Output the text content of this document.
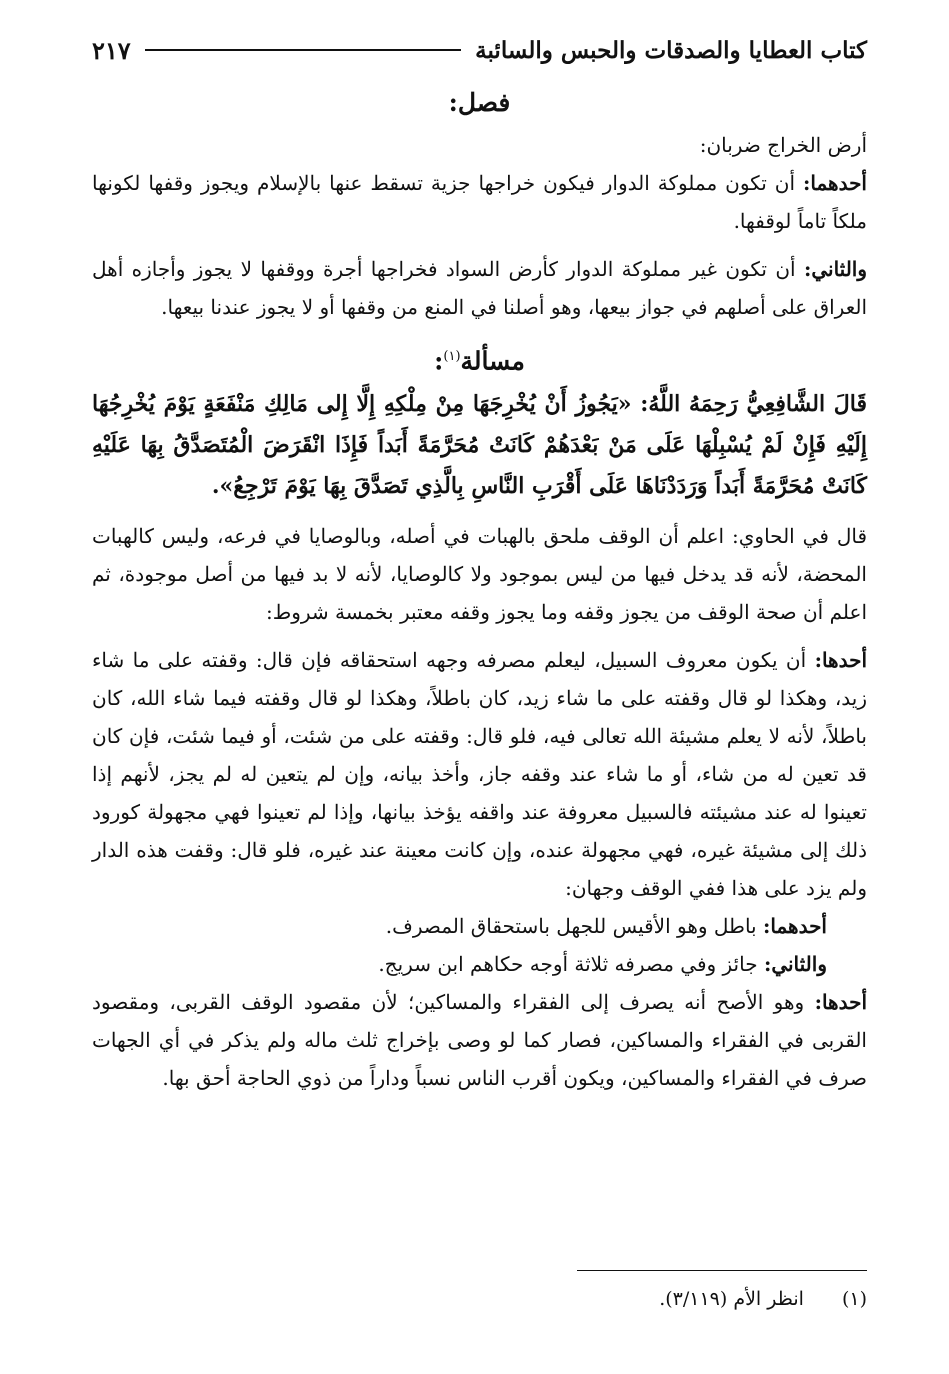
كتاب العطايا والصدقات والحبس والسائبة
٢١٧

فصل:

أرض الخراج ضربان:

أحدهما: أن تكون مملوكة الدوار فيكون خراجها جزية تسقط عنها بالإسلام ويجوز وقفها لكونها ملكاً تاماً لوقفها.

والثاني: أن تكون غير مملوكة الدوار كأرض السواد فخراجها أجرة ووقفها لا يجوز وأجازه أهل العراق على أصلهم في جواز بيعها، وهو أصلنا في المنع من وقفها أو لا يجوز عندنا بيعها.

مسألة$^{(١)}$:

قَالَ الشَّافِعِيُّ رَحِمَهُ اللَّهُ: «يَجُوزُ أَنْ يُخْرِجَهَا مِنْ مِلْكِهِ إِلَّا إِلى مَالِكِ مَنْفَعَةٍ يَوْمَ يُخْرِجُهَا إِلَيْهِ فَإِنْ لَمْ يُسْبِلْهَا عَلَى مَنْ بَعْدَهُمْ كَانَتْ مُحَرَّمَةً أَبَداً فَإِذَا انْقَرَضَ الْمُتَصَدَّقُ بِهَا عَلَيْهِ كَانَتْ مُحَرَّمَةً أَبَداً وَرَدَدْنَاهَا عَلَى أَقْرَبِ النَّاسِ بِالَّذِي تَصَدَّقَ بِهَا يَوْمَ تَرْجِعُ».

قال في الحاوي: اعلم أن الوقف ملحق بالهبات في أصله، وبالوصايا في فرعه، وليس كالهبات المحضة، لأنه قد يدخل فيها من ليس بموجود ولا كالوصايا، لأنه لا بد فيها من أصل موجودة، ثم اعلم أن صحة الوقف من يجوز وقفه وما يجوز وقفه معتبر بخمسة شروط:

أحدها: أن يكون معروف السبيل، ليعلم مصرفه وجهه استحقاقه فإن قال: وقفته على ما شاء زيد، وهكذا لو قال وقفته على ما شاء زيد، كان باطلاً، وهكذا لو قال وقفته فيما شاء الله، كان باطلاً، لأنه لا يعلم مشيئة الله تعالى فيه، فلو قال: وقفته على من شئت، أو فيما شئت، فإن كان قد تعين له من شاء، أو ما شاء عند وقفه جاز، وأخذ بيانه، وإن لم يتعين له لم يجز، لأنهم إذا تعينوا له عند مشيئته فالسبيل معروفة عند واقفه يؤخذ بيانها، وإذا لم تعينوا فهي مجهولة كورود ذلك إلى مشيئة غيره، فهي مجهولة عنده، وإن كانت معينة عند غيره، فلو قال: وقفت هذه الدار ولم يزد على هذا ففي الوقف وجهان:

أحدهما: باطل وهو الأقيس للجهل باستحقاق المصرف.

والثاني: جائز وفي مصرفه ثلاثة أوجه حكاهم ابن سريج.

أحدها: وهو الأصح أنه يصرف إلى الفقراء والمساكين؛ لأن مقصود الوقف القربى، ومقصود القربى في الفقراء والمساكين، فصار كما لو وصى بإخراج ثلث ماله ولم يذكر في أي الجهات صرف في الفقراء والمساكين، ويكون أقرب الناس نسباً وداراً من ذوي الحاجة أحق بها.

(١) انظر الأم (٣/١١٩).
